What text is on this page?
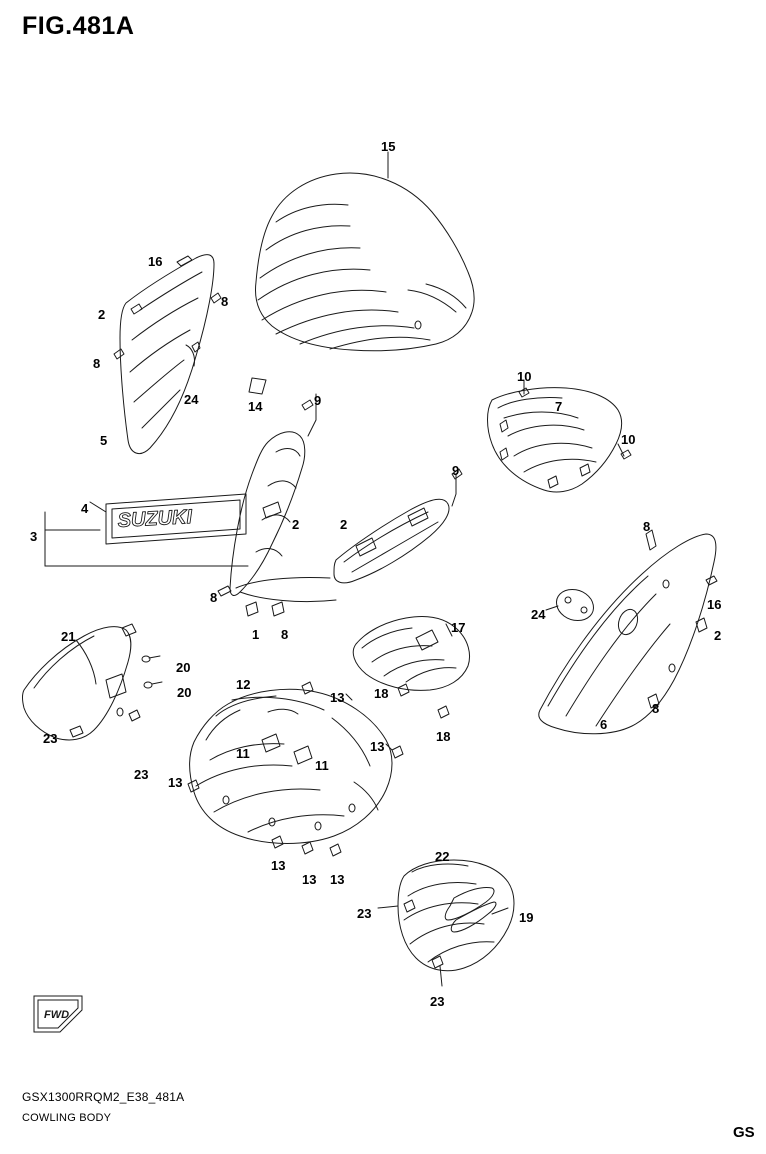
FIG.481A
SUZUKI
FWD
15
16
2
8
8
24	14	9
10
7
10
5
9
4
3
8
2	2
16
24
2
8
1 8
21
17
20
20
12
13 18
6
8
23	18
13
11
11
23
13
13
13 13
22
23	19
23
GSX1300RRQM2_E38_481A
COWLING BODY
GS
